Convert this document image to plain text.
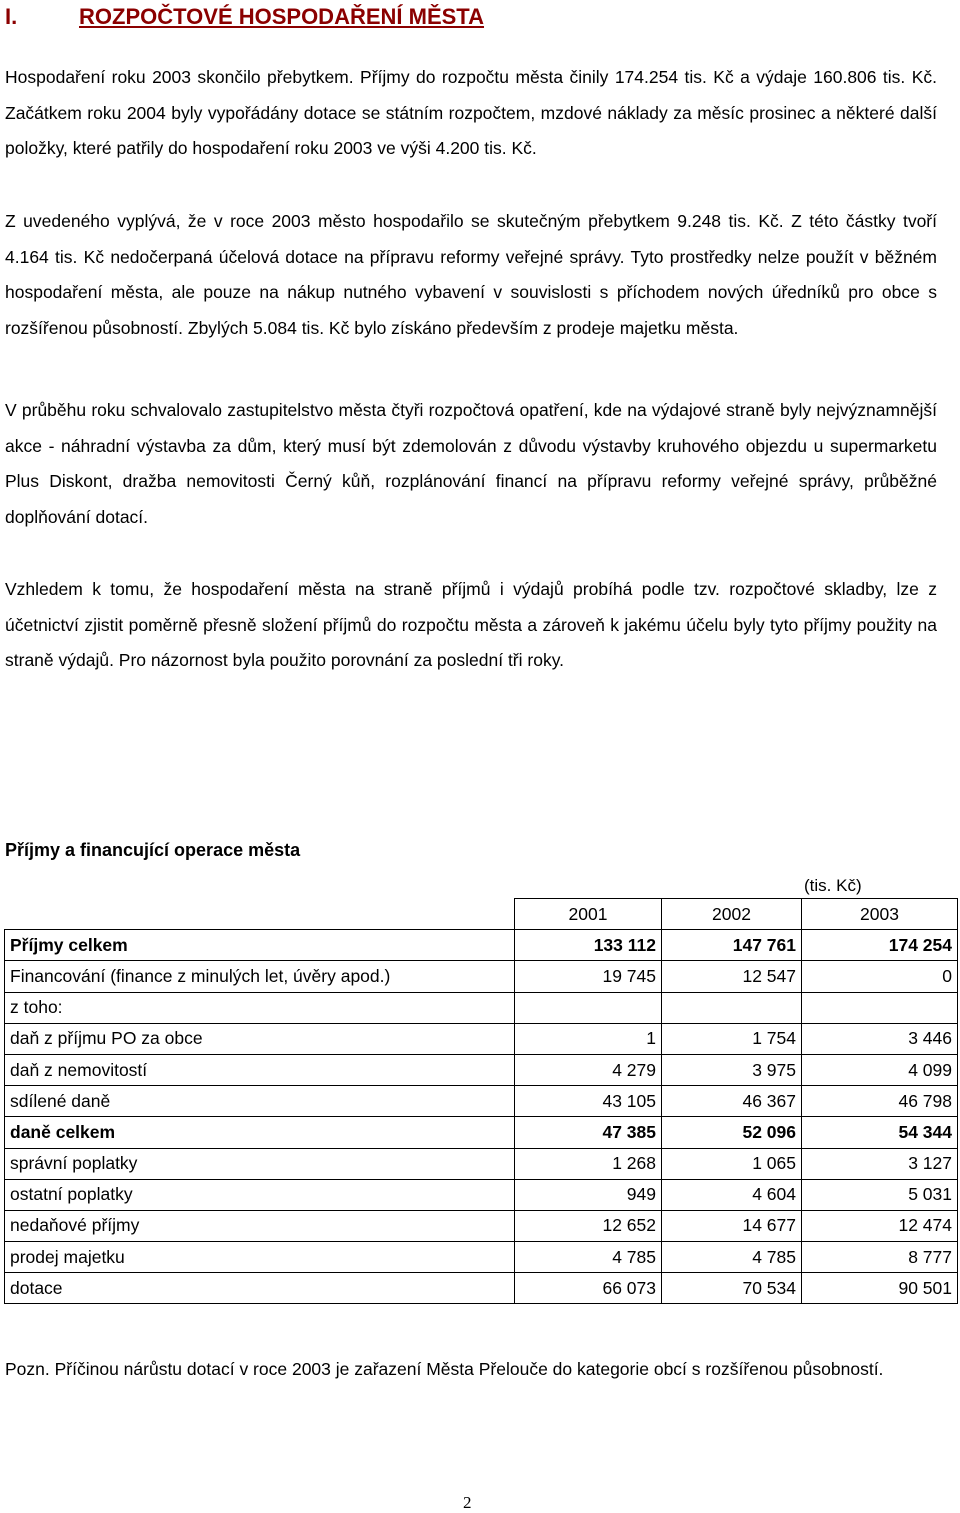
I.	ROZPOČTOVÉ HOSPODAŘENÍ MĚSTA

Hospodaření roku 2003 skončilo přebytkem. Příjmy do rozpočtu města činily 174.254 tis. Kč a výdaje 160.806 tis. Kč. Začátkem roku 2004 byly vypořádány dotace se státním rozpočtem, mzdové náklady za měsíc prosinec a některé další položky, které patřily do hospodaření roku 2003 ve výši 4.200 tis. Kč.

Z uvedeného vyplývá, že v roce 2003 město hospodařilo se skutečným přebytkem 9.248 tis. Kč. Z této částky tvoří 4.164 tis. Kč nedočerpaná účelová dotace na přípravu reformy veřejné správy. Tyto prostředky nelze použít v běžném hospodaření města, ale pouze na nákup nutného vybavení v souvislosti s příchodem nových úředníků pro obce s rozšířenou působností. Zbylých 5.084 tis. Kč bylo získáno především z prodeje majetku města.

V průběhu roku schvalovalo zastupitelstvo města čtyři rozpočtová opatření, kde na výdajové straně byly nejvýznamnější akce - náhradní výstavba za dům, který musí být zdemolován z důvodu výstavby kruhového objezdu u supermarketu Plus Diskont, dražba nemovitosti Černý kůň, rozplánování financí na přípravu reformy veřejné správy, průběžné doplňování dotací.

Vzhledem k tomu, že hospodaření města na straně příjmů i výdajů probíhá podle tzv. rozpočtové skladby, lze z účetnictví zjistit poměrně přesně složení příjmů do rozpočtu města a zároveň k jakému účelu byly tyto příjmy použity na straně výdajů. Pro názornost byla použito porovnání za poslední tři roky.

Příjmy a financující operace města
(tis. Kč)
	2001	2002	2003
Příjmy celkem	133 112	147 761	174 254
Financování (finance z minulých let, úvěry apod.)	19 745	12 547	0
z toho:			
daň z příjmu PO za obce	1	1 754	3 446
daň z nemovitostí	4 279	3 975	4 099
sdílené daně	43 105	46 367	46 798
daně celkem	47 385	52 096	54 344
správní poplatky	1 268	1 065	3 127
ostatní poplatky	949	4 604	5 031
nedaňové příjmy	12 652	14 677	12 474
prodej majetku	4 785	4 785	8 777
dotace	66 073	70 534	90 501
Pozn. Příčinou nárůstu dotací v roce 2003 je zařazení Města Přelouče do kategorie obcí s rozšířenou působností.
2
